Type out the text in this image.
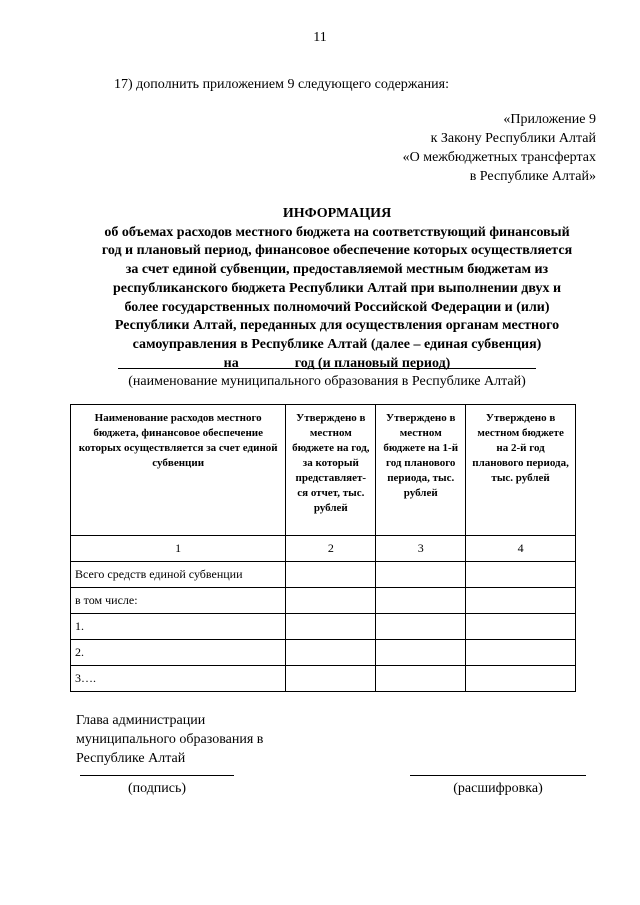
11
17) дополнить приложением 9 следующего содержания:
«Приложение 9
к Закону Республики Алтай
«О межбюджетных трансфертах
в Республике Алтай»
ИНФОРМАЦИЯ
об объемах расходов местного бюджета на соответствующий финансовый
год и плановый период, финансовое обеспечение которых осуществляется
за счет единой субвенции, предоставляемой местным бюджетам из
республиканского бюджета Республики Алтай при выполнении двух и
более государственных полномочий Российской Федерации и (или)
Республики Алтай, переданных для осуществления органам местного
самоуправления в Республике Алтай (далее – единая субвенция)
на _______ год (и плановый период)
(наименование муниципального образования в Республике Алтай)
Наименование расходов местного бюджета, финансовое обеспечение которых осуществляется за счет единой субвенции	Утверждено в местном бюджете на год, за который представляет-ся отчет, тыс. рублей	Утверждено в местном бюджете на 1-й год планового периода, тыс. рублей	Утверждено в местном бюджете на 2-й год планового периода, тыс. рублей
1	2	3	4
Всего средств единой субвенции			
в том числе:			
1.			
2.			
3….			
Глава администрации
муниципального образования в
Республике Алтай
(подпись)	(расшифровка)
